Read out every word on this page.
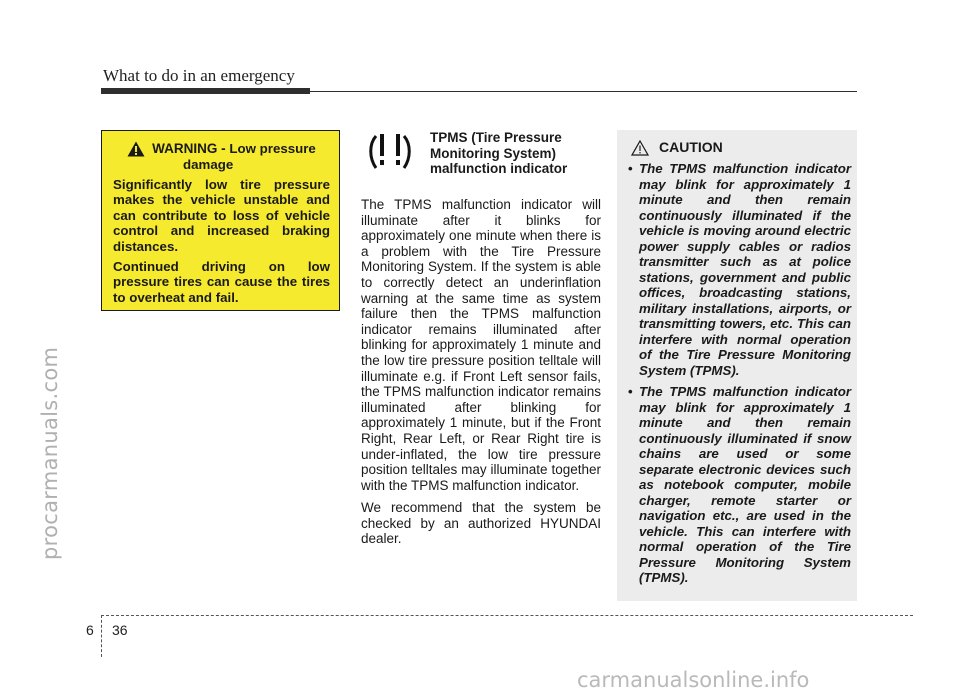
procarmanuals.com
carmanualsonline.info
What to do in an emergency
WARNING - Low pressure
damage

Significantly low tire pressure makes the vehicle unstable and can contribute to loss of vehicle control and increased braking distances.

Continued driving on low pressure tires can cause the tires to overheat and fail.

TPMS (Tire Pressure Monitoring System) malfunction indicator

The TPMS malfunction indicator will illuminate after it blinks for approximately one minute when there is a problem with the Tire Pressure Monitoring System. If the system is able to correctly detect an underinflation warning at the same time as system failure then the TPMS malfunction indicator remains illuminated after blinking for approximately 1 minute and the low tire pressure position telltale will illuminate e.g. if Front Left sensor fails, the TPMS malfunction indicator remains illuminated after blinking for approximately 1 minute, but if the Front Right, Rear Left, or Rear Right tire is under-inflated, the low tire pressure position telltales may illuminate together with the TPMS malfunction indicator.

We recommend that the system be checked by an authorized HYUNDAI dealer.

CAUTION
• The TPMS malfunction indicator may blink for approximately 1 minute and then remain continuously illuminated if the vehicle is moving around electric power supply cables or radios transmitter such as at police stations, government and public offices, broadcasting stations, military installations, airports, or transmitting towers, etc. This can interfere with normal operation of the Tire Pressure Monitoring System (TPMS).
• The TPMS malfunction indicator may blink for approximately 1 minute and then remain continuously illuminated if snow chains are used or some separate electronic devices such as notebook computer, mobile charger, remote starter or navigation etc., are used in the vehicle. This can interfere with normal operation of the Tire Pressure Monitoring System (TPMS).
6 36
